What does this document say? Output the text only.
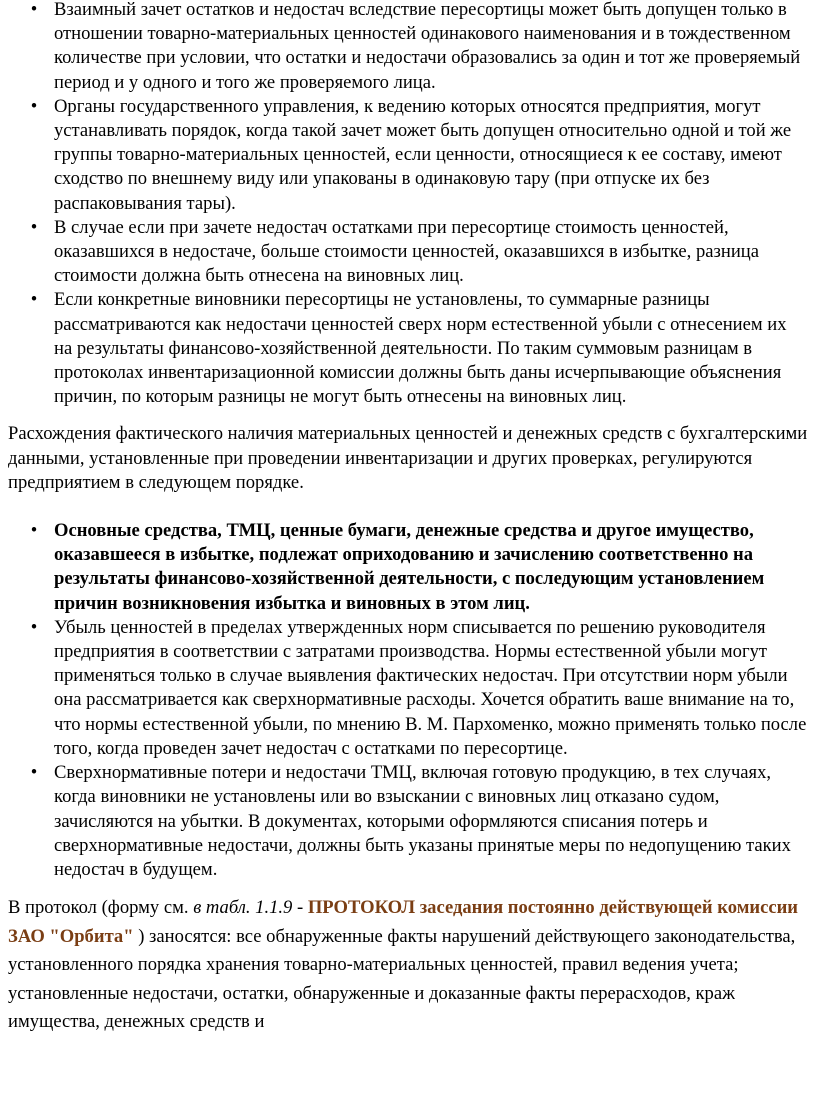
• Взаимный зачет остатков и недостач вследствие пересортицы может быть допущен только в отношении товарно-материальных ценностей одинакового наименования и в тождественном количестве при условии, что остатки и недостачи образовались за один и тот же проверяемый период и у одного и того же проверяемого лица.
• Органы государственного управления, к ведению которых относятся предприятия, могут устанавливать порядок, когда такой зачет может быть допущен относительно одной и той же группы товарно-материальных ценностей, если ценности, относящиеся к ее составу, имеют сходство по внешнему виду или упакованы в одинаковую тару (при отпуске их без распаковывания тары).
• В случае если при зачете недостач остатками при пересортице стоимость ценностей, оказавшихся в недостаче, больше стоимости ценностей, оказавшихся в избытке, разница стоимости должна быть отнесена на виновных лиц.
• Если конкретные виновники пересортицы не установлены, то суммарные разницы рассматриваются как недостачи ценностей сверх норм естественной убыли с отнесением их на результаты финансово-хозяйственной деятельности. По таким суммовым разницам в протоколах инвентаризационной комиссии должны быть даны исчерпывающие объяснения причин, по которым разницы не могут быть отнесены на виновных лиц.

Расхождения фактического наличия материальных ценностей и денежных средств с бухгалтерскими данными, установленные при проведении инвентаризации и других проверках, регулируются предприятием в следующем порядке.

• Основные средства, ТМЦ, ценные бумаги, денежные средства и другое имущество, оказавшееся в избытке, подлежат оприходованию и зачислению соответственно на результаты финансово-хозяйственной деятельности, с последующим установлением причин возникновения избытка и виновных в этом лиц.
• Убыль ценностей в пределах утвержденных норм списывается по решению руководителя предприятия в соответствии с затратами производства. Нормы естественной убыли могут применяться только в случае выявления фактических недостач. При отсутствии норм убыли она рассматривается как сверхнормативные расходы. Хочется обратить ваше внимание на то, что нормы естественной убыли, по мнению В. М. Пархоменко, можно применять только после того, когда проведен зачет недостач с остатками по пересортице.
• Сверхнормативные потери и недостачи ТМЦ, включая готовую продукцию, в тех случаях, когда виновники не установлены или во взыскании с виновных лиц отказано судом, зачисляются на убытки. В документах, которыми оформляются списания потерь и сверхнормативные недостачи, должны быть указаны принятые меры по недопущению таких недостач в будущем.

В протокол (форму см. в табл. 1.1.9 - ПРОТОКОЛ заседания постоянно действующей комиссии ЗАО "Орбита" ) заносятся: все обнаруженные факты нарушений действующего законодательства, установленного порядка хранения товарно-материальных ценностей, правил ведения учета; установленные недостачи, остатки, обнаруженные и доказанные факты перерасходов, краж имущества, денежных средств и
